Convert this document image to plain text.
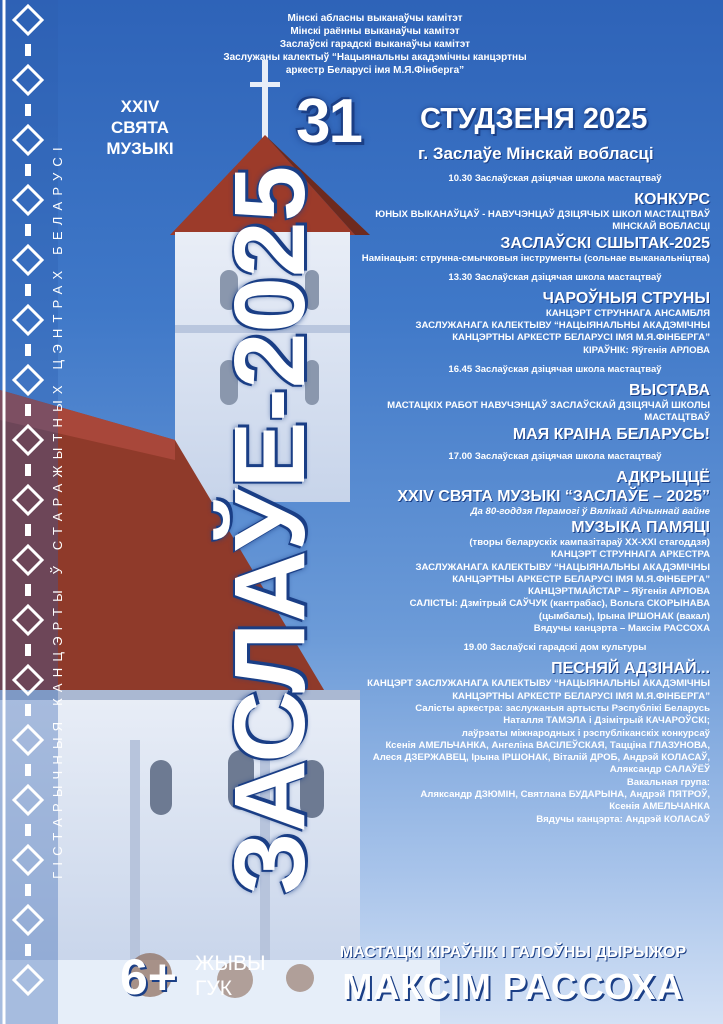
ГІСТАРЫЧНЫЯ КАНЦЭРТЫ Ў СТАРАЖЫТНЫХ ЦЭНТРАХ БЕЛАРУСІ ЗАСЛАЎЕ-2025
XXIV
СВЯТА
МУЗЫКІ
Мінскі абласны выканаўчы камітэт
Мінскі раённы выканаўчы камітэт
Заслаўскі гарадскі выканаўчы камітэт
Заслужаны калектыў “Нацыянальны акадэмічны канцэртны
аркестр Беларусі імя М.Я.Фінберга”
31 СТУДЗЕНЯ 2025
г. Заслаўе Мінскай вобласці
10.30 Заслаўская дзіцячая школа мастацтваў
КОНКУРС
ЮНЫХ ВЫКАНАЎЦАЎ - НАВУЧЭНЦАЎ ДЗІЦЯЧЫХ ШКОЛ МАСТАЦТВАЎ
МІНСКАЙ ВОБЛАСЦІ
ЗАСЛАЎСКІ СШЫТАК-2025
Намінацыя: струнна-смычковыя інструменты (сольнае выканальніцтва)
13.30 Заслаўская дзіцячая школа мастацтваў
ЧАРОЎНЫЯ СТРУНЫ
КАНЦЭРТ СТРУННАГА АНСАМБЛЯ
ЗАСЛУЖАНАГА КАЛЕКТЫВУ “НАЦЫЯНАЛЬНЫ АКАДЭМІЧНЫ
КАНЦЭРТНЫ АРКЕСТР БЕЛАРУСІ ІМЯ М.Я.ФІНБЕРГА”
КІРАЎНІК: Яўгенія АРЛОВА
16.45 Заслаўская дзіцячая школа мастацтваў
ВЫСТАВА
МАСТАЦКІХ РАБОТ НАВУЧЭНЦАЎ ЗАСЛАЎСКАЙ ДЗІЦЯЧАЙ ШКОЛЫ
МАСТАЦТВАЎ
МАЯ КРАІНА БЕЛАРУСЬ!
17.00 Заслаўская дзіцячая школа мастацтваў
АДКРЫЦЦЁ
XXIV СВЯТА МУЗЫКІ “ЗАСЛАЎЕ – 2025”
Да 80-годдзя Перамогі ў Вялікай Айчыннай вайне
МУЗЫКА ПАМЯЦІ
(творы беларускіх кампазітараў XX-XXI стагоддзя)
КАНЦЭРТ СТРУННАГА АРКЕСТРА
ЗАСЛУЖАНАГА КАЛЕКТЫВУ “НАЦЫЯНАЛЬНЫ АКАДЭМІЧНЫ
КАНЦЭРТНЫ АРКЕСТР БЕЛАРУСІ ІМЯ М.Я.ФІНБЕРГА”
КАНЦЭРТМАЙСТАР – Яўгенія АРЛОВА
САЛІСТЫ: Дзмітрый САЎЧУК (кантрабас), Вольга СКОРЫНАВА
(цымбалы), Ірына ІРШОНАК (вакал)
Вядучы канцэрта – Максім РАССОХА
19.00 Заслаўскі гарадскі дом культуры
ПЕСНЯЙ АДЗІНАЙ...
КАНЦЭРТ ЗАСЛУЖАНАГА КАЛЕКТЫВУ “НАЦЫЯНАЛЬНЫ АКАДЭМІЧНЫ
КАНЦЭРТНЫ АРКЕСТР БЕЛАРУСІ ІМЯ М.Я.ФІНБЕРГА”
Салісты аркестра: заслужаныя артысты Рэспублікі Беларусь
Наталля ТАМЭЛА і Дзімітрый КАЧАРОЎСКІ;
лаўрэаты міжнародных і рэспубліканскіх конкурсаў
Ксенія АМЕЛЬЧАНКА, Ангеліна ВАСІЛЕЎСКАЯ, Тацціна ГЛАЗУНОВА,
Алеся ДЗЕРЖАВЕЦ, Ірына ІРШОНАК, Віталій ДРОБ, Андрэй КОЛАСАЎ,
Аляксандр САЛАЎЁЎ
Вакальная група:
Аляксандр ДЗЮМІН, Святлана БУДАРЫНА, Андрэй ПЯТРОЎ,
Ксенія АМЕЛЬЧАНКА
Вядучы канцэрта: Андрэй КОЛАСАЎ
6+ ЖЫВЫ
ГУК
МАСТАЦКІ КІРАЎНІК І ГАЛОЎНЫ ДЫРЫЖОР
МАКСІМ РАССОХА
